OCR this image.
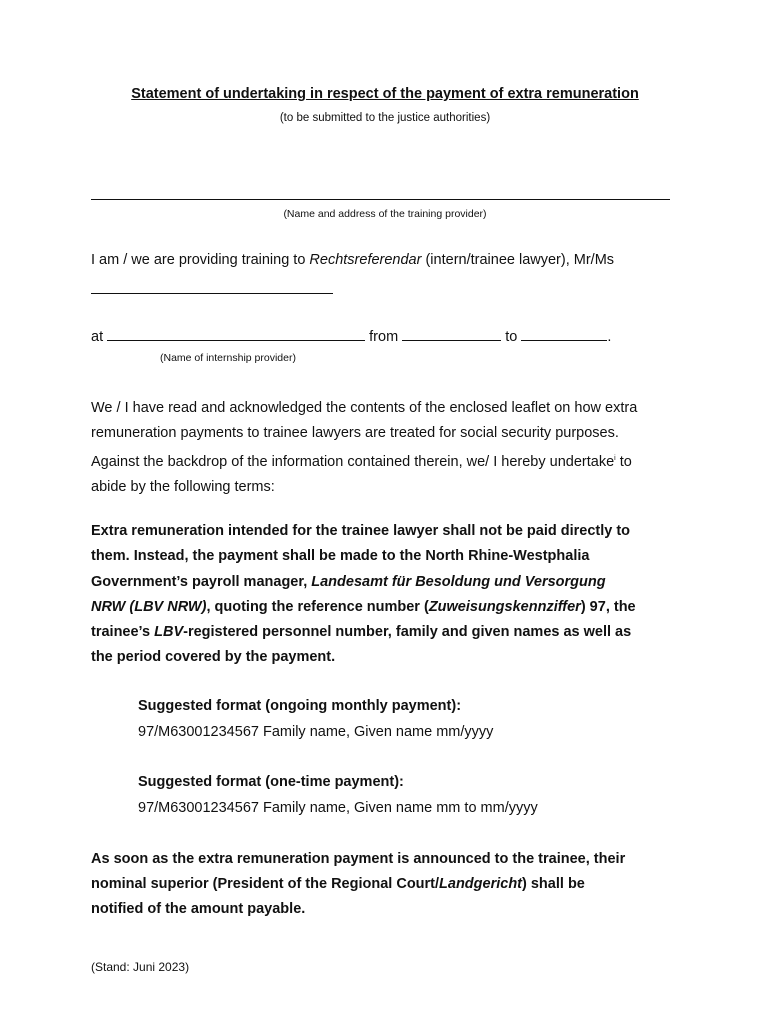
Statement of undertaking in respect of the payment of extra remuneration
(to be submitted to the justice authorities)
(Name and address of the training provider)
I am / we are providing training to Rechtsreferendar (intern/trainee lawyer), Mr/Ms
at	from	to	.
(Name of internship provider)
We / I have read and acknowledged the contents of the enclosed leaflet on how extra
remuneration payments to trainee lawyers are treated for social security purposes.
Against the backdrop of the information contained therein, we/ I hereby undertake$^i$ to
abide by the following terms:
Extra remuneration intended for the trainee lawyer shall not be paid directly to
them. Instead, the payment shall be made to the North Rhine-Westphalia
Government’s payroll manager, Landesamt für Besoldung und Versorgung
NRW (LBV NRW), quoting the reference number (Zuweisungskennziffer) 97, the
trainee’s LBV-registered personnel number, family and given names as well as
the period covered by the payment.
Suggested format (ongoing monthly payment):
97/M63001234567 Family name, Given name mm/yyyy
Suggested format (one-time payment):
97/M63001234567 Family name, Given name mm to mm/yyyy
As soon as the extra remuneration payment is announced to the trainee, their
nominal superior (President of the Regional Court/Landgericht) shall be
notified of the amount payable.
(Stand: Juni 2023)
